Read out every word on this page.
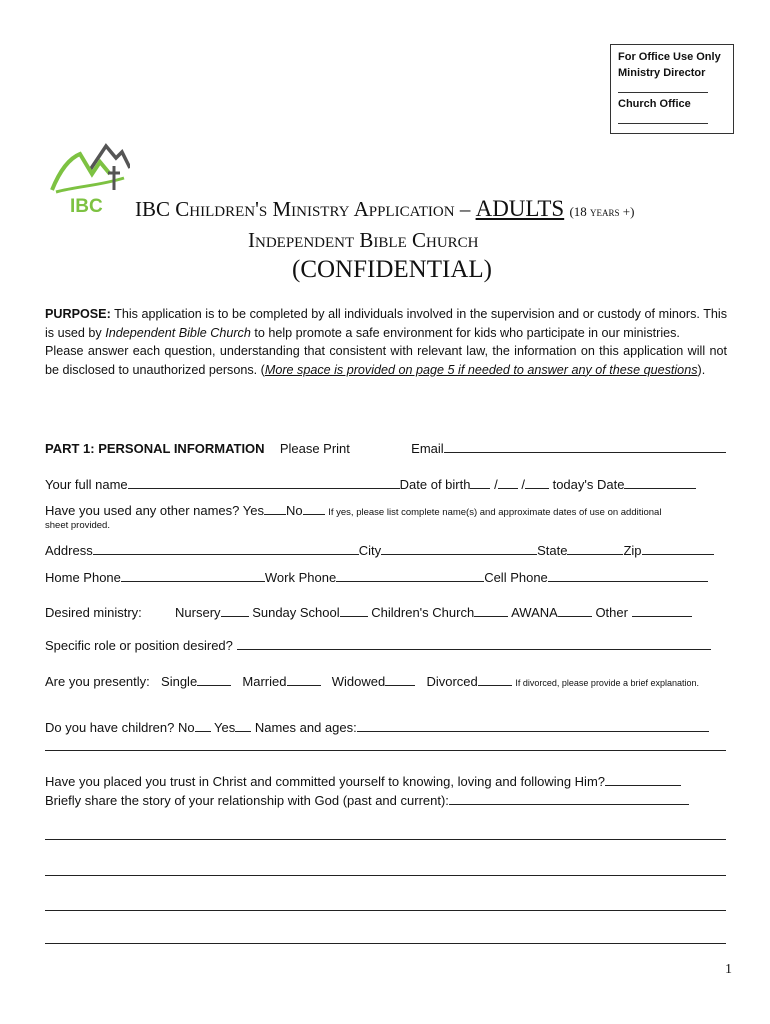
For Office Use Only
Ministry Director
Church Office
IBC IBC Children's Ministry Application – ADULTS (18 years +)
Independent Bible Church
(CONFIDENTIAL)
PURPOSE: This application is to be completed by all individuals involved in the supervision and or custody of minors. This is used by Independent Bible Church to help promote a safe environment for kids who participate in our ministries.
Please answer each question, understanding that consistent with relevant law, the information on this application will not be disclosed to unauthorized persons. (More space is provided on page 5 if needed to answer any of these questions).
PART 1: PERSONAL INFORMATION Please Print	Email
Your full name	Date of birth / / today's Date
Have you used any other names? Yes No	If yes, please list complete name(s) and approximate dates of use on additional
sheet provided.
Address	City	State	Zip
Home Phone	Work Phone	Cell Phone
Desired ministry:	Nursery Sunday School Children's Church	AWANA	Other
Specific role or position desired?
Are you presently: Single	Married	Widowed	Divorced	If divorced, please provide a brief explanation.
Do you have children? No Yes Names and ages:
Have you placed you trust in Christ and committed yourself to knowing, loving and following Him?
Briefly share the story of your relationship with God (past and current):
1
